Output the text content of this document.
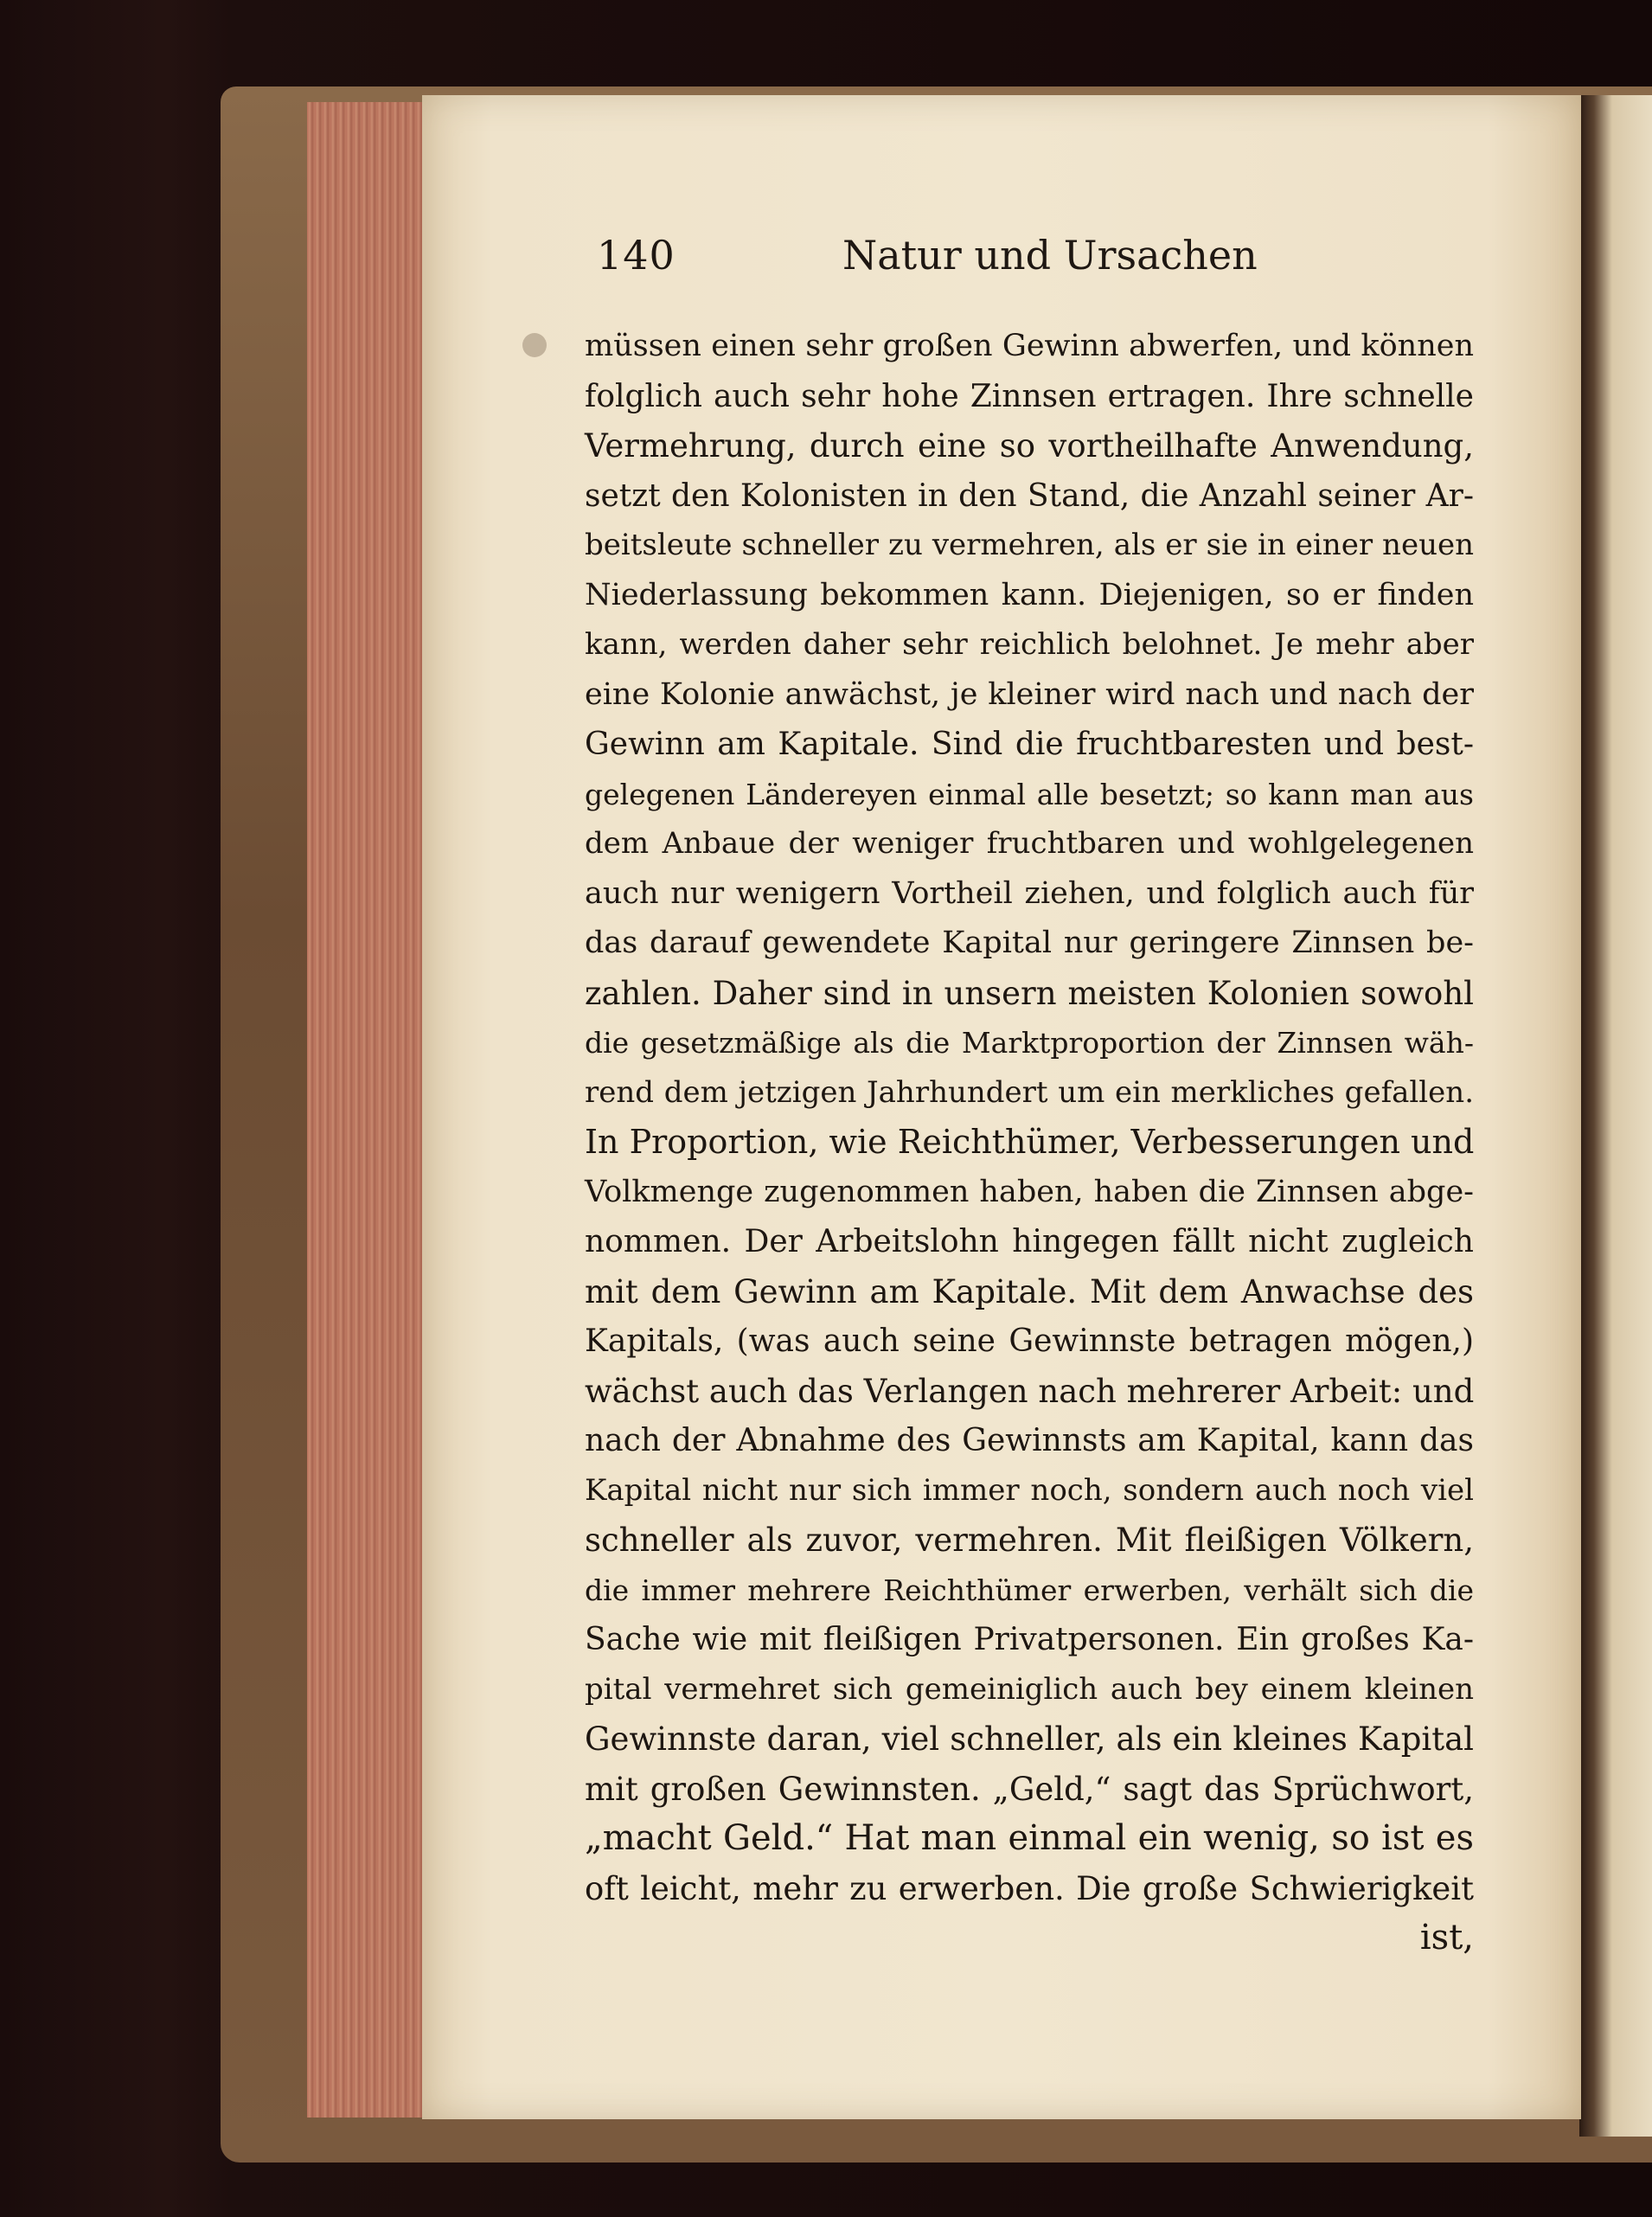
140	Natur und Ursachen
müssen einen sehr großen Gewinn abwerfen, und können
folglich auch sehr hohe Zinnsen ertragen. Ihre schnelle
Vermehrung, durch eine so vortheilhafte Anwendung,
setzt den Kolonisten in den Stand, die Anzahl seiner Ar-
beitsleute schneller zu vermehren, als er sie in einer neuen
Niederlassung bekommen kann. Diejenigen, so er finden
kann, werden daher sehr reichlich belohnet. Je mehr aber
eine Kolonie anwächst, je kleiner wird nach und nach der
Gewinn am Kapitale. Sind die fruchtbaresten und best-
gelegenen Ländereyen einmal alle besetzt; so kann man aus
dem Anbaue der weniger fruchtbaren und wohlgelegenen
auch nur wenigern Vortheil ziehen, und folglich auch für
das darauf gewendete Kapital nur geringere Zinnsen be-
zahlen. Daher sind in unsern meisten Kolonien sowohl
die gesetzmäßige als die Marktproportion der Zinnsen wäh-
rend dem jetzigen Jahrhundert um ein merkliches gefallen.
In Proportion, wie Reichthümer, Verbesserungen und
Volkmenge zugenommen haben, haben die Zinnsen abge-
nommen. Der Arbeitslohn hingegen fällt nicht zugleich
mit dem Gewinn am Kapitale. Mit dem Anwachse des
Kapitals, (was auch seine Gewinnste betragen mögen,)
wächst auch das Verlangen nach mehrerer Arbeit: und
nach der Abnahme des Gewinnsts am Kapital, kann das
Kapital nicht nur sich immer noch, sondern auch noch viel
schneller als zuvor, vermehren. Mit fleißigen Völkern,
die immer mehrere Reichthümer erwerben, verhält sich die
Sache wie mit fleißigen Privatpersonen. Ein großes Ka-
pital vermehret sich gemeiniglich auch bey einem kleinen
Gewinnste daran, viel schneller, als ein kleines Kapital
mit großen Gewinnsten. „Geld,“ sagt das Sprüchwort,
„macht Geld.“ Hat man einmal ein wenig, so ist es
oft leicht, mehr zu erwerben. Die große Schwierigkeit
ist,
